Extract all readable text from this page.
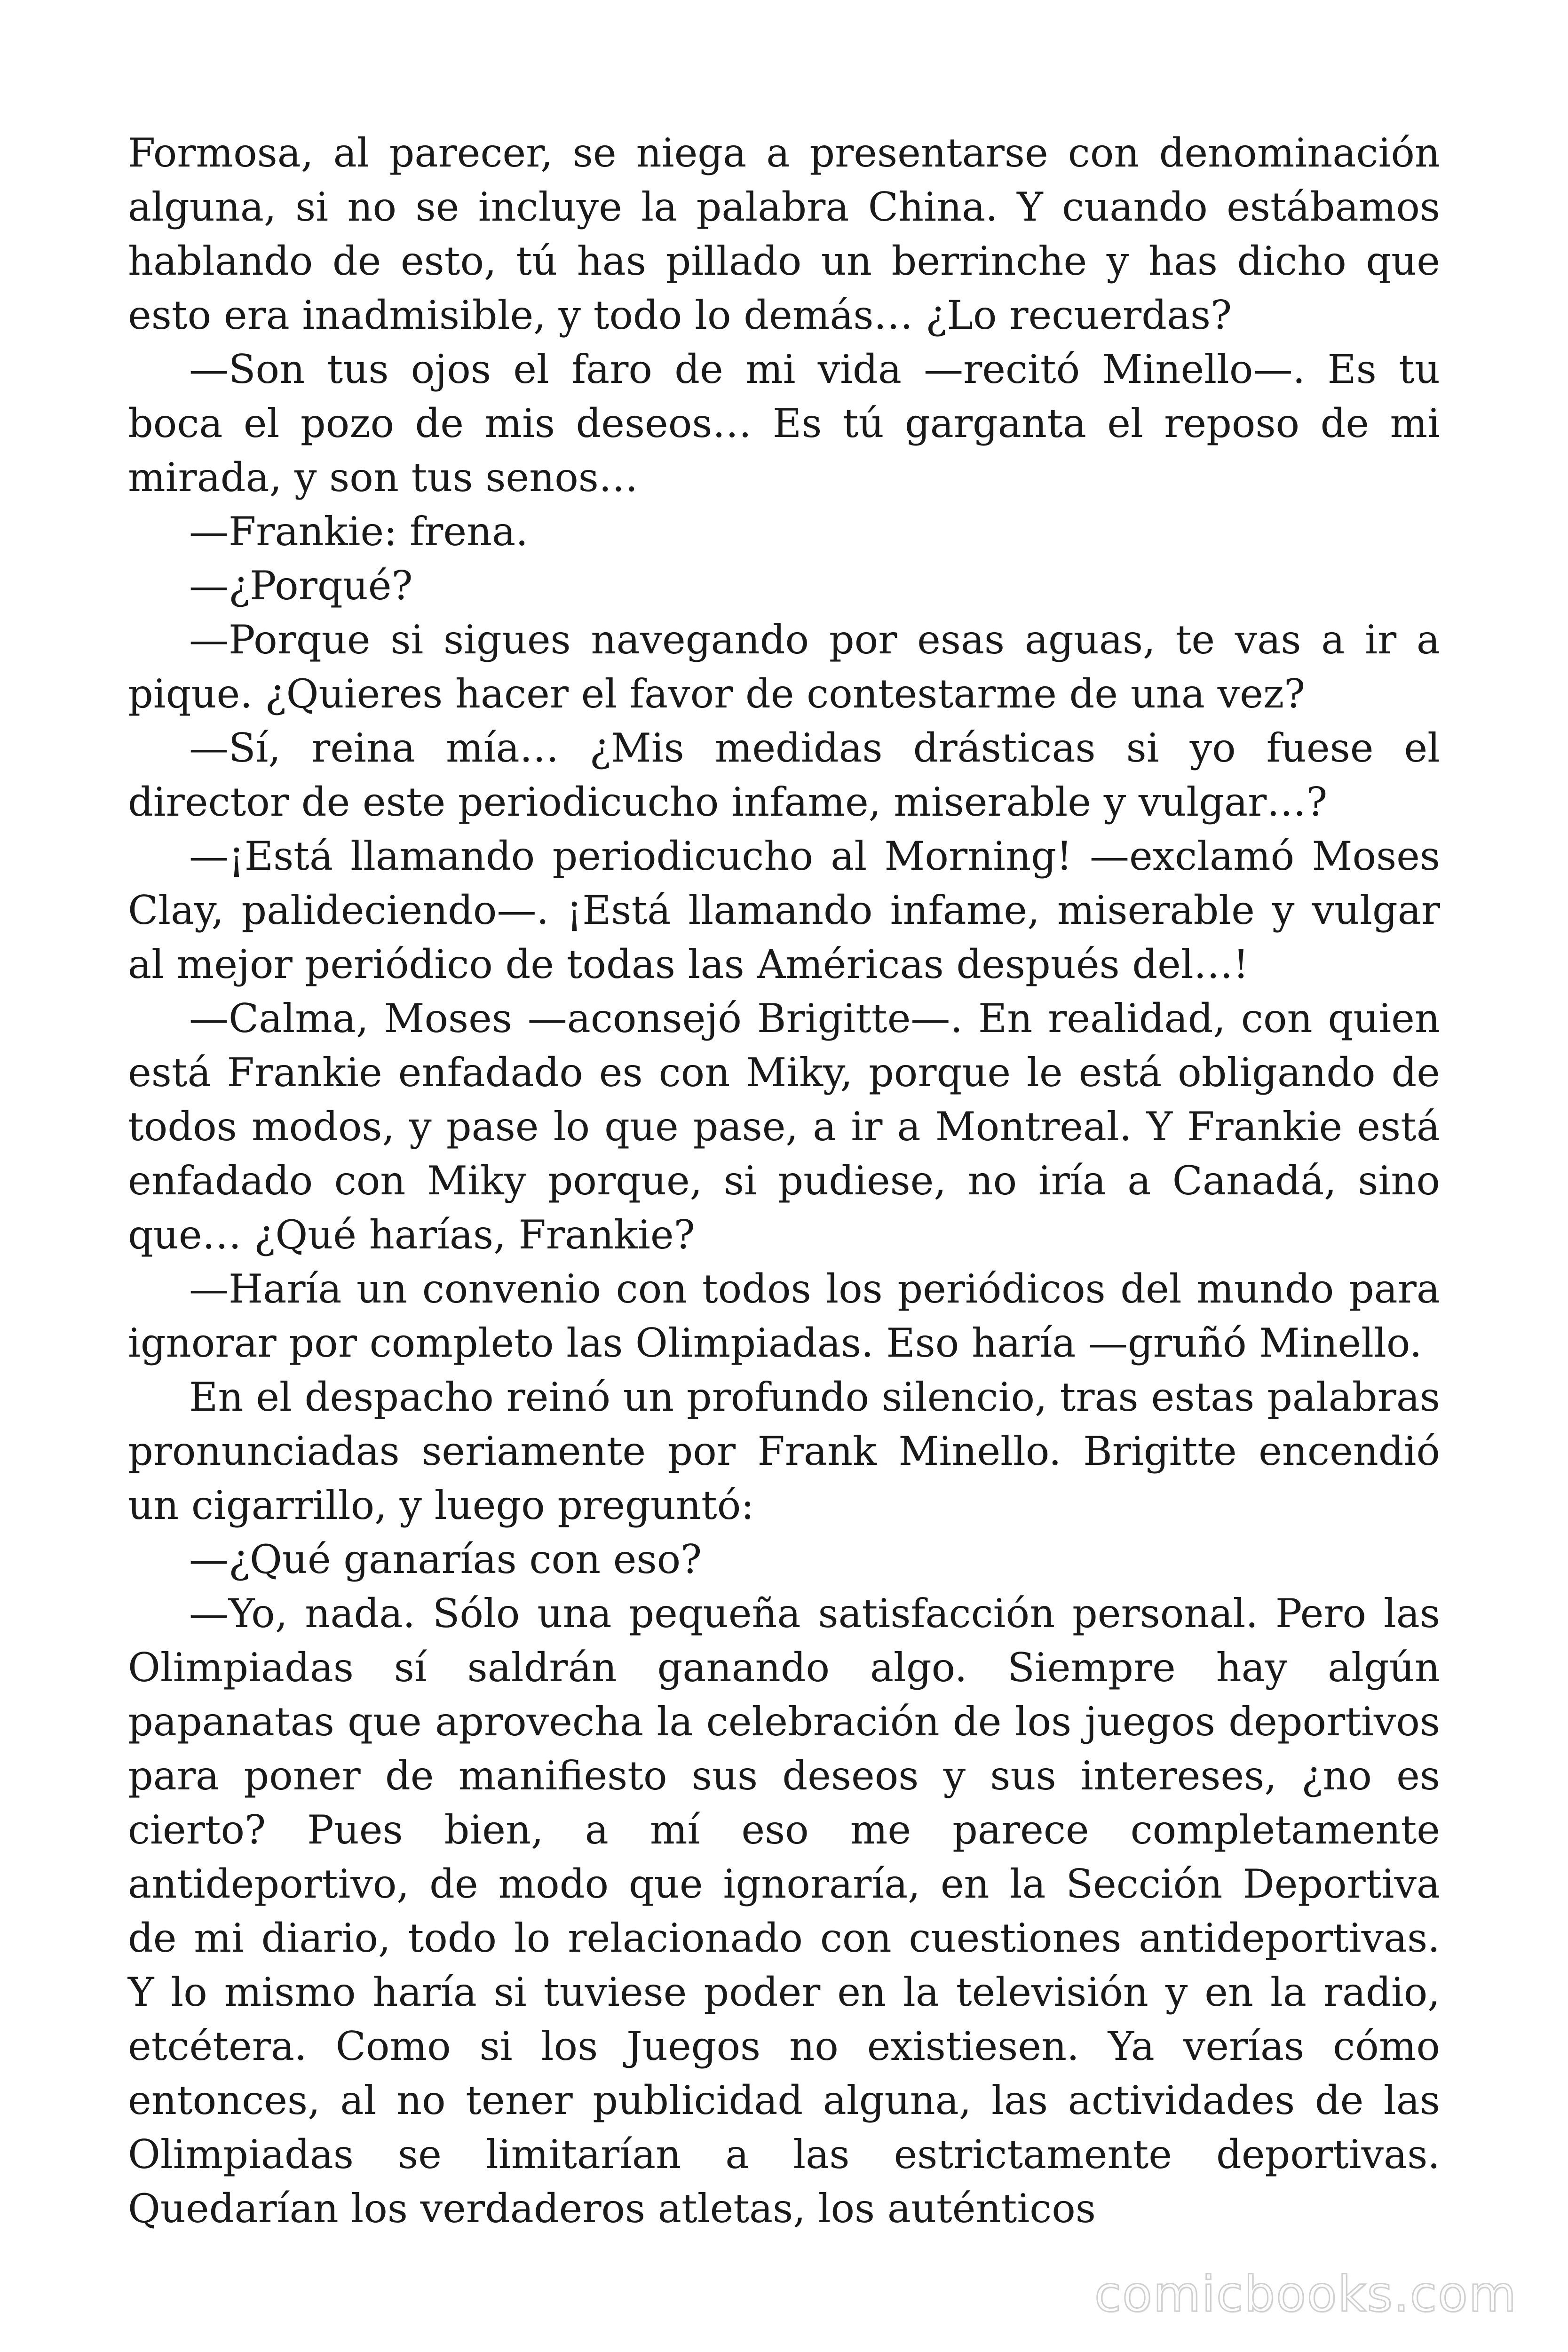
Formosa, al parecer, se niega a presentarse con denominación alguna, si no se incluye la palabra China. Y cuando estábamos hablando de esto, tú has pillado un berrinche y has dicho que esto era inadmisible, y todo lo demás… ¿Lo recuerdas?

—Son tus ojos el faro de mi vida —recitó Minello—. Es tu boca el pozo de mis deseos… Es tú garganta el reposo de mi mirada, y son tus senos…

—Frankie: frena.

—¿Porqué?

—Porque si sigues navegando por esas aguas, te vas a ir a pique. ¿Quieres hacer el favor de contestarme de una vez?

—Sí, reina mía… ¿Mis medidas drásticas si yo fuese el director de este periodicucho infame, miserable y vulgar…?

—¡Está llamando periodicucho al Morning! —exclamó Moses Clay, palideciendo—. ¡Está llamando infame, miserable y vulgar al mejor periódico de todas las Américas después del…!

—Calma, Moses —aconsejó Brigitte—. En realidad, con quien está Frankie enfadado es con Miky, porque le está obligando de todos modos, y pase lo que pase, a ir a Montreal. Y Frankie está enfadado con Miky porque, si pudiese, no iría a Canadá, sino que… ¿Qué harías, Frankie?

—Haría un convenio con todos los periódicos del mundo para ignorar por completo las Olimpiadas. Eso haría —gruñó Minello.

En el despacho reinó un profundo silencio, tras estas palabras pronunciadas seriamente por Frank Minello. Brigitte encendió un cigarrillo, y luego preguntó:

—¿Qué ganarías con eso?

—Yo, nada. Sólo una pequeña satisfacción personal. Pero las Olimpiadas sí saldrán ganando algo. Siempre hay algún papanatas que aprovecha la celebración de los juegos deportivos para poner de manifiesto sus deseos y sus intereses, ¿no es cierto? Pues bien, a mí eso me parece completamente antideportivo, de modo que ignoraría, en la Sección Deportiva de mi diario, todo lo relacionado con cuestiones antideportivas. Y lo mismo haría si tuviese poder en la televisión y en la radio, etcétera. Como si los Juegos no existiesen. Ya verías cómo entonces, al no tener publicidad alguna, las actividades de las Olimpiadas se limitarían a las estrictamente deportivas. Quedarían los verdaderos atletas, los auténticos

comicbooks.com
